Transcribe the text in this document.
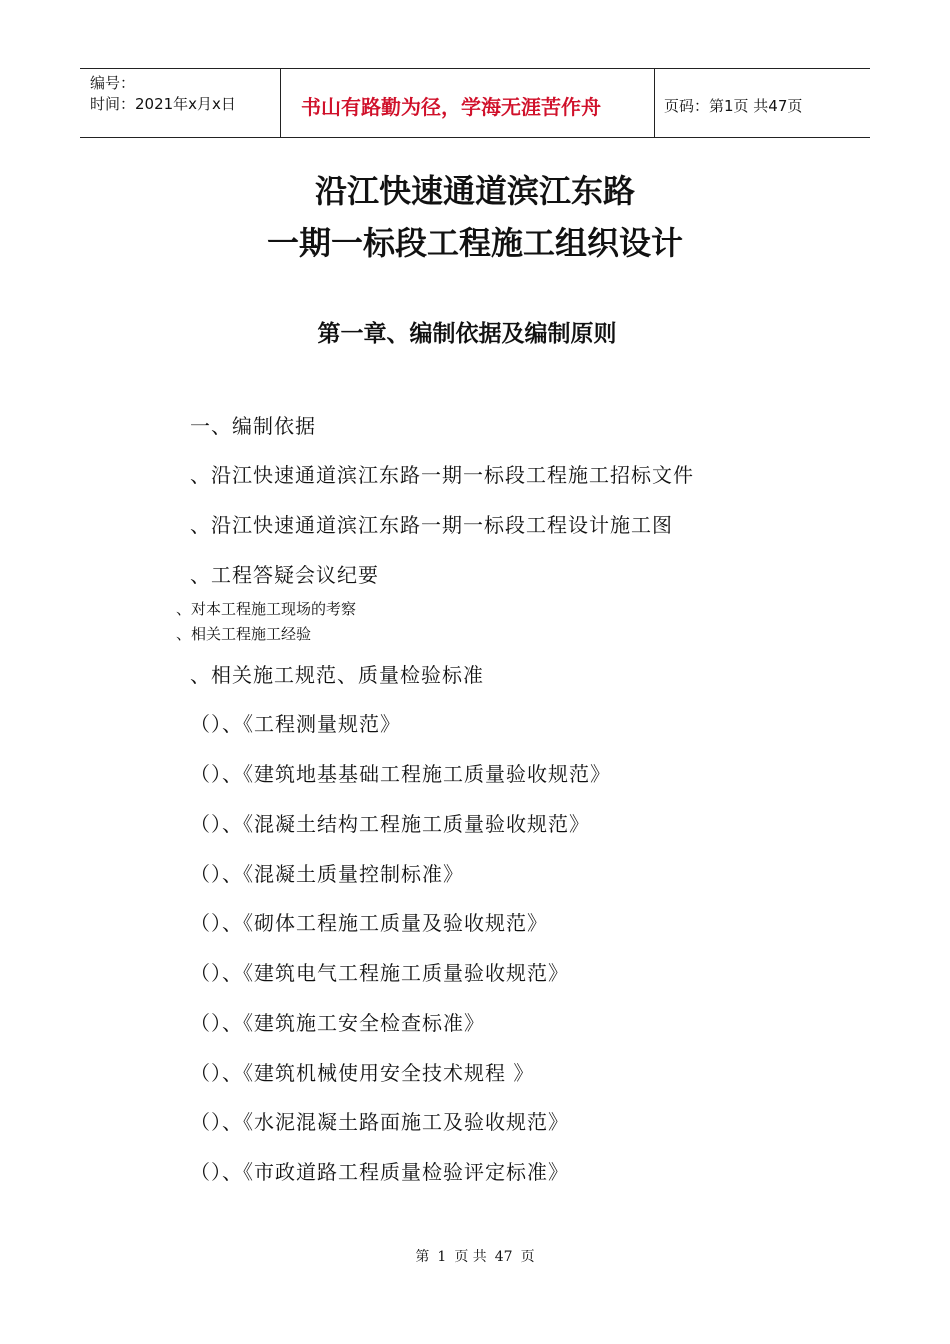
编号：
时间：2021年x月x日	书山有路勤为径，学海无涯苦作舟	页码：第1页 共47页
沿江快速通道滨江东路
一期一标段工程施工组织设计
第一章、编制依据及编制原则
一、编制依据
、沿江快速通道滨江东路一期一标段工程施工招标文件
、沿江快速通道滨江东路一期一标段工程设计施工图
、工程答疑会议纪要
、对本工程施工现场的考察
、相关工程施工经验
、相关施工规范、质量检验标准
（）、《工程测量规范》
（）、《建筑地基基础工程施工质量验收规范》
（）、《混凝土结构工程施工质量验收规范》
（）、《混凝土质量控制标准》
（）、《砌体工程施工质量及验收规范》
（）、《建筑电气工程施工质量验收规范》
（）、《建筑施工安全检查标准》
（）、《建筑机械使用安全技术规程 》
（）、《水泥混凝土路面施工及验收规范》
（）、《市政道路工程质量检验评定标准》
第 1 页 共 47 页
